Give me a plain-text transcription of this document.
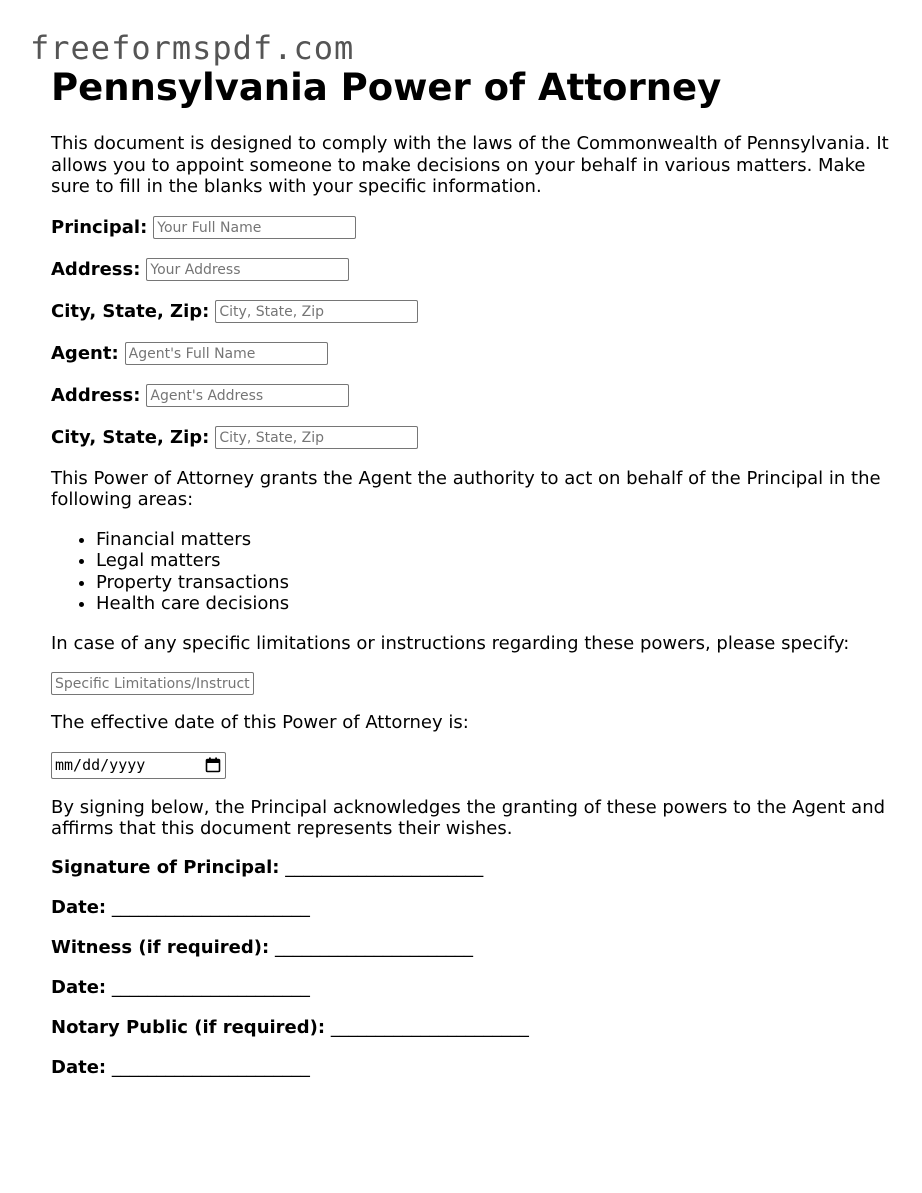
freeformspdf.com
Pennsylvania Power of Attorney

This document is designed to comply with the laws of the Commonwealth of Pennsylvania. It allows you to appoint someone to make decisions on your behalf in various matters. Make sure to fill in the blanks with your specific information.

Principal:
Your Full Name
Address:
Your Address
City, State, Zip:
City, State, Zip
Agent:
Agent's Full Name
Address:
Agent's Address
City, State, Zip:
City, State, Zip

This Power of Attorney grants the Agent the authority to act on behalf of the Principal in the following areas:

• Financial matters
• Legal matters
• Property transactions
• Health care decisions

In case of any specific limitations or instructions regarding these powers, please specify:

Specific Limitations/Instructions

The effective date of this Power of Attorney is:

mm/dd/yyyy

By signing below, the Principal acknowledges the granting of these powers to the Agent and affirms that this document represents their wishes.

Signature of Principal: ______________________
Date: ______________________
Witness (if required): ______________________
Date: ______________________
Notary Public (if required): ______________________
Date: ______________________
